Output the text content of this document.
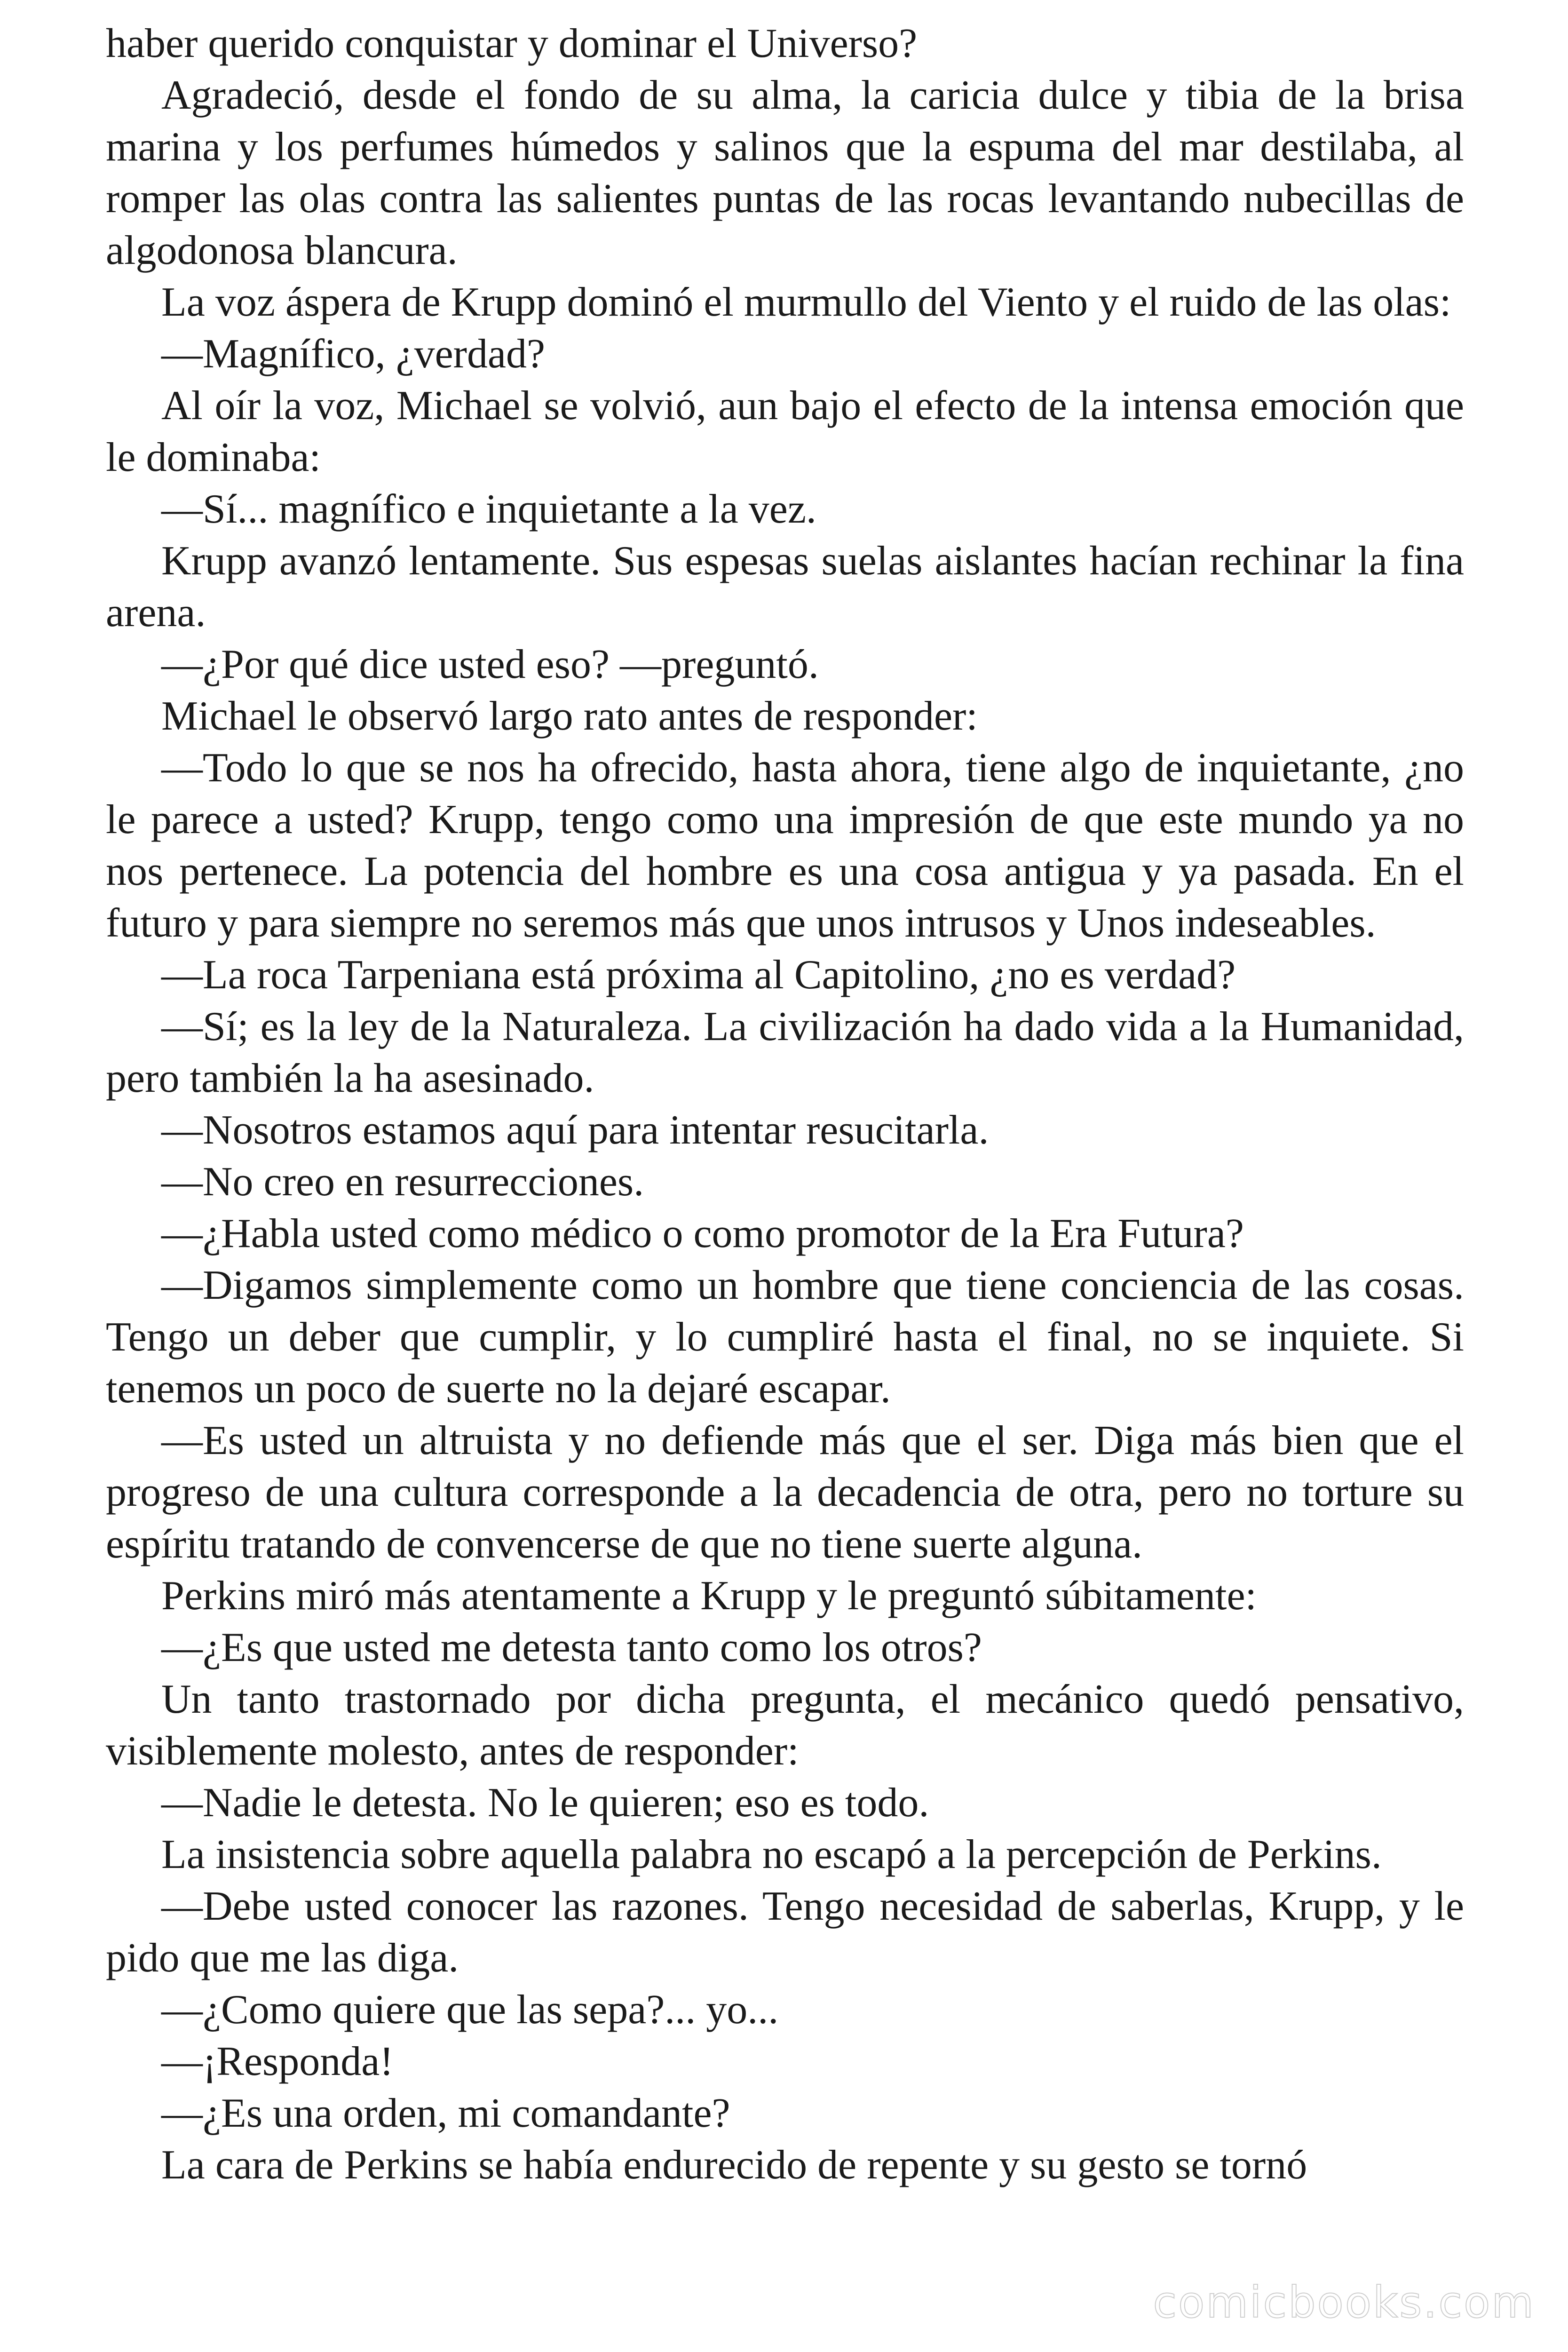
haber querido conquistar y dominar el Universo?

Agradeció, desde el fondo de su alma, la caricia dulce y tibia de la brisa marina y los perfumes húmedos y salinos que la espuma del mar destilaba, al romper las olas contra las salientes puntas de las rocas levantando nubecillas de algodonosa blancura.

La voz áspera de Krupp dominó el murmullo del Viento y el ruido de las olas:

—Magnífico, ¿verdad?

Al oír la voz, Michael se volvió, aun bajo el efecto de la intensa emoción que le dominaba:

—Sí... magnífico e inquietante a la vez.

Krupp avanzó lentamente. Sus espesas suelas aislantes hacían rechinar la fina arena.

—¿Por qué dice usted eso? —preguntó.

Michael le observó largo rato antes de responder:

—Todo lo que se nos ha ofrecido, hasta ahora, tiene algo de inquietante, ¿no le parece a usted? Krupp, tengo como una impresión de que este mundo ya no nos pertenece. La potencia del hombre es una cosa antigua y ya pasada. En el futuro y para siempre no seremos más que unos intrusos y Unos indeseables.

—La roca Tarpeniana está próxima al Capitolino, ¿no es verdad?

—Sí; es la ley de la Naturaleza. La civilización ha dado vida a la Humanidad, pero también la ha asesinado.

—Nosotros estamos aquí para intentar resucitarla.

—No creo en resurrecciones.

—¿Habla usted como médico o como promotor de la Era Futura?

—Digamos simplemente como un hombre que tiene conciencia de las cosas. Tengo un deber que cumplir, y lo cumpliré hasta el final, no se inquiete. Si tenemos un poco de suerte no la dejaré escapar.

—Es usted un altruista y no defiende más que el ser. Diga más bien que el progreso de una cultura corresponde a la decadencia de otra, pero no torture su espíritu tratando de convencerse de que no tiene suerte alguna.

Perkins miró más atentamente a Krupp y le preguntó súbitamente:

—¿Es que usted me detesta tanto como los otros?

Un tanto trastornado por dicha pregunta, el mecánico quedó pensativo, visiblemente molesto, antes de responder:

—Nadie le detesta. No le quieren; eso es todo.

La insistencia sobre aquella palabra no escapó a la percepción de Perkins.

—Debe usted conocer las razones. Tengo necesidad de saberlas, Krupp, y le pido que me las diga.

—¿Como quiere que las sepa?... yo...

—¡Responda!

—¿Es una orden, mi comandante?

La cara de Perkins se había endurecido de repente y su gesto se tornó

comicbooks.com
